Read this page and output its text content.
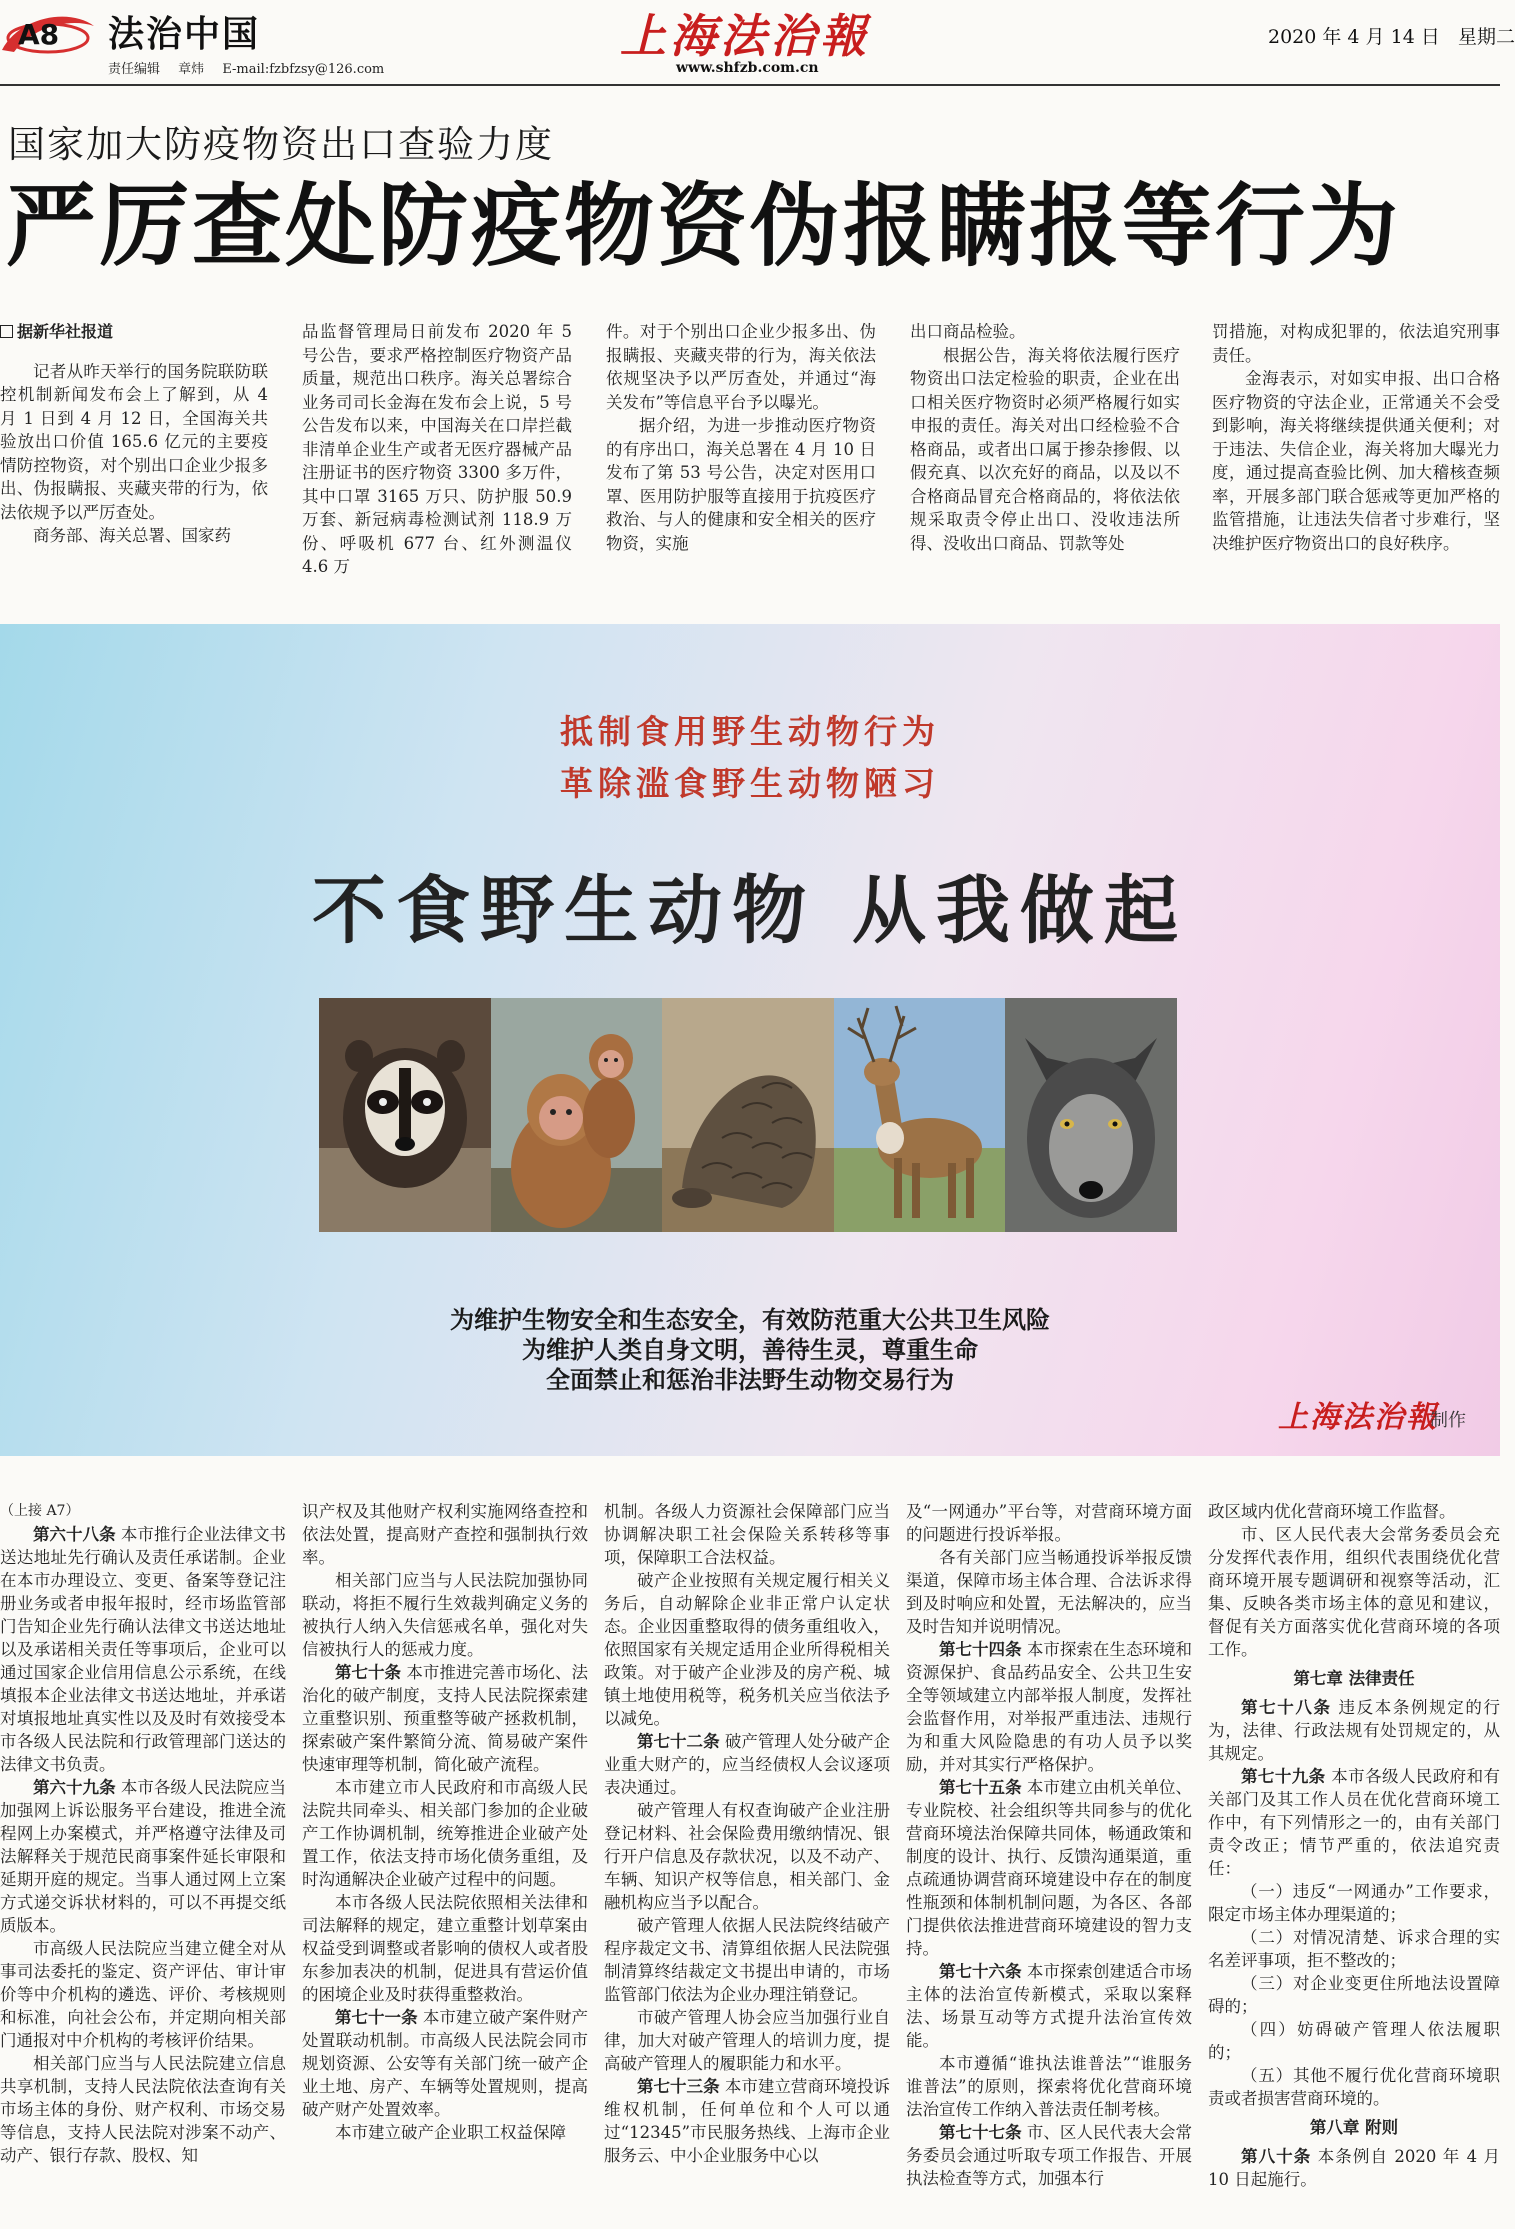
A8 法治中国
责任编辑 章炜 E-mail:fzbfzsy@126.com
上海法治報
www.shfzb.com.cn
2020 年 4 月 14 日 星期二
国家加大防疫物资出口查验力度
严厉查处防疫物资伪报瞒报等行为
据新华社报道

记者从昨天举行的国务院联防联控机制新闻发布会上了解到，从 4 月 1 日到 4 月 12 日，全国海关共验放出口价值 165.6 亿元的主要疫情防控物资，对个别出口企业少报多出、伪报瞒报、夹藏夹带的行为，依法依规予以严厉查处。

商务部、海关总署、国家药

品监督管理局日前发布 2020 年 5 号公告，要求严格控制医疗物资产品质量，规范出口秩序。海关总署综合业务司司长金海在发布会上说，5 号公告发布以来，中国海关在口岸拦截非清单企业生产或者无医疗器械产品注册证书的医疗物资 3300 多万件，其中口罩 3165 万只、防护服 50.9 万套、新冠病毒检测试剂 118.9 万份、呼吸机 677 台、红外测温仪 4.6 万

件。对于个别出口企业少报多出、伪报瞒报、夹藏夹带的行为，海关依法依规坚决予以严厉查处，并通过“海关发布”等信息平台予以曝光。

据介绍，为进一步推动医疗物资的有序出口，海关总署在 4 月 10 日发布了第 53 号公告，决定对医用口罩、医用防护服等直接用于抗疫医疗救治、与人的健康和安全相关的医疗物资，实施

出口商品检验。

根据公告，海关将依法履行医疗物资出口法定检验的职责，企业在出口相关医疗物资时必须严格履行如实申报的责任。海关对出口经检验不合格商品，或者出口属于掺杂掺假、以假充真、以次充好的商品，以及以不合格商品冒充合格商品的，将依法依规采取责令停止出口、没收违法所得、没收出口商品、罚款等处

罚措施，对构成犯罪的，依法追究刑事责任。

金海表示，对如实申报、出口合格医疗物资的守法企业，正常通关不会受到影响，海关将继续提供通关便利；对于违法、失信企业，海关将加大曝光力度，通过提高查验比例、加大稽核查频率，开展多部门联合惩戒等更加严格的监管措施，让违法失信者寸步难行，坚决维护医疗物资出口的良好秩序。

抵制食用野生动物行为
革除滥食野生动物陋习
不食野生动物 从我做起
为维护生物安全和生态安全，有效防范重大公共卫生风险
为维护人类自身文明，善待生灵，尊重生命
全面禁止和惩治非法野生动物交易行为
上海法治報
制作

（上接 A7）

第六十八条 本市推行企业法律文书送达地址先行确认及责任承诺制。企业在本市办理设立、变更、备案等登记注册业务或者申报年报时，经市场监管部门告知企业先行确认法律文书送达地址以及承诺相关责任等事项后，企业可以通过国家企业信用信息公示系统，在线填报本企业法律文书送达地址，并承诺对填报地址真实性以及及时有效接受本市各级人民法院和行政管理部门送达的法律文书负责。

第六十九条 本市各级人民法院应当加强网上诉讼服务平台建设，推进全流程网上办案模式，并严格遵守法律及司法解释关于规范民商事案件延长审限和延期开庭的规定。当事人通过网上立案方式递交诉状材料的，可以不再提交纸质版本。

市高级人民法院应当建立健全对从事司法委托的鉴定、资产评估、审计审价等中介机构的遴选、评价、考核规则和标准，向社会公布，并定期向相关部门通报对中介机构的考核评价结果。

相关部门应当与人民法院建立信息共享机制，支持人民法院依法查询有关市场主体的身份、财产权利、市场交易等信息，支持人民法院对涉案不动产、动产、银行存款、股权、知

识产权及其他财产权利实施网络查控和依法处置，提高财产查控和强制执行效率。

相关部门应当与人民法院加强协同联动，将拒不履行生效裁判确定义务的被执行人纳入失信惩戒名单，强化对失信被执行人的惩戒力度。

第七十条 本市推进完善市场化、法治化的破产制度，支持人民法院探索建立重整识别、预重整等破产拯救机制，探索破产案件繁简分流、简易破产案件快速审理等机制，简化破产流程。

本市建立市人民政府和市高级人民法院共同牵头、相关部门参加的企业破产工作协调机制，统筹推进企业破产处置工作，依法支持市场化债务重组，及时沟通解决企业破产过程中的问题。

本市各级人民法院依照相关法律和司法解释的规定，建立重整计划草案由权益受到调整或者影响的债权人或者股东参加表决的机制，促进具有营运价值的困境企业及时获得重整救治。

第七十一条 本市建立破产案件财产处置联动机制。市高级人民法院会同市规划资源、公安等有关部门统一破产企业土地、房产、车辆等处置规则，提高破产财产处置效率。

本市建立破产企业职工权益保障

机制。各级人力资源社会保障部门应当协调解决职工社会保险关系转移等事项，保障职工合法权益。

破产企业按照有关规定履行相关义务后，自动解除企业非正常户认定状态。企业因重整取得的债务重组收入，依照国家有关规定适用企业所得税相关政策。对于破产企业涉及的房产税、城镇土地使用税等，税务机关应当依法予以减免。

第七十二条 破产管理人处分破产企业重大财产的，应当经债权人会议逐项表决通过。

破产管理人有权查询破产企业注册登记材料、社会保险费用缴纳情况、银行开户信息及存款状况，以及不动产、车辆、知识产权等信息，相关部门、金融机构应当予以配合。

破产管理人依据人民法院终结破产程序裁定文书、清算组依据人民法院强制清算终结裁定文书提出申请的，市场监管部门依法为企业办理注销登记。

市破产管理人协会应当加强行业自律，加大对破产管理人的培训力度，提高破产管理人的履职能力和水平。

第七十三条 本市建立营商环境投诉维权机制，任何单位和个人可以通过“12345”市民服务热线、上海市企业服务云、中小企业服务中心以

及“一网通办”平台等，对营商环境方面的问题进行投诉举报。

各有关部门应当畅通投诉举报反馈渠道，保障市场主体合理、合法诉求得到及时响应和处置，无法解决的，应当及时告知并说明情况。

第七十四条 本市探索在生态环境和资源保护、食品药品安全、公共卫生安全等领域建立内部举报人制度，发挥社会监督作用，对举报严重违法、违规行为和重大风险隐患的有功人员予以奖励，并对其实行严格保护。

第七十五条 本市建立由机关单位、专业院校、社会组织等共同参与的优化营商环境法治保障共同体，畅通政策和制度的设计、执行、反馈沟通渠道，重点疏通协调营商环境建设中存在的制度性瓶颈和体制机制问题，为各区、各部门提供依法推进营商环境建设的智力支持。

第七十六条 本市探索创建适合市场主体的法治宣传新模式，采取以案释法、场景互动等方式提升法治宣传效能。

本市遵循“谁执法谁普法”“谁服务谁普法”的原则，探索将优化营商环境法治宣传工作纳入普法责任制考核。

第七十七条 市、区人民代表大会常务委员会通过听取专项工作报告、开展执法检查等方式，加强本行

政区域内优化营商环境工作监督。

市、区人民代表大会常务委员会充分发挥代表作用，组织代表围绕优化营商环境开展专题调研和视察等活动，汇集、反映各类市场主体的意见和建议，督促有关方面落实优化营商环境的各项工作。

第七章 法律责任

第七十八条 违反本条例规定的行为，法律、行政法规有处罚规定的，从其规定。

第七十九条 本市各级人民政府和有关部门及其工作人员在优化营商环境工作中，有下列情形之一的，由有关部门责令改正；情节严重的，依法追究责任：

（一）违反“一网通办”工作要求，限定市场主体办理渠道的；

（二）对情况清楚、诉求合理的实名差评事项，拒不整改的；

（三）对企业变更住所地法设置障碍的；

（四）妨碍破产管理人依法履职的；

（五）其他不履行优化营商环境职责或者损害营商环境的。

第八章 附则

第八十条 本条例自 2020 年 4 月 10 日起施行。
